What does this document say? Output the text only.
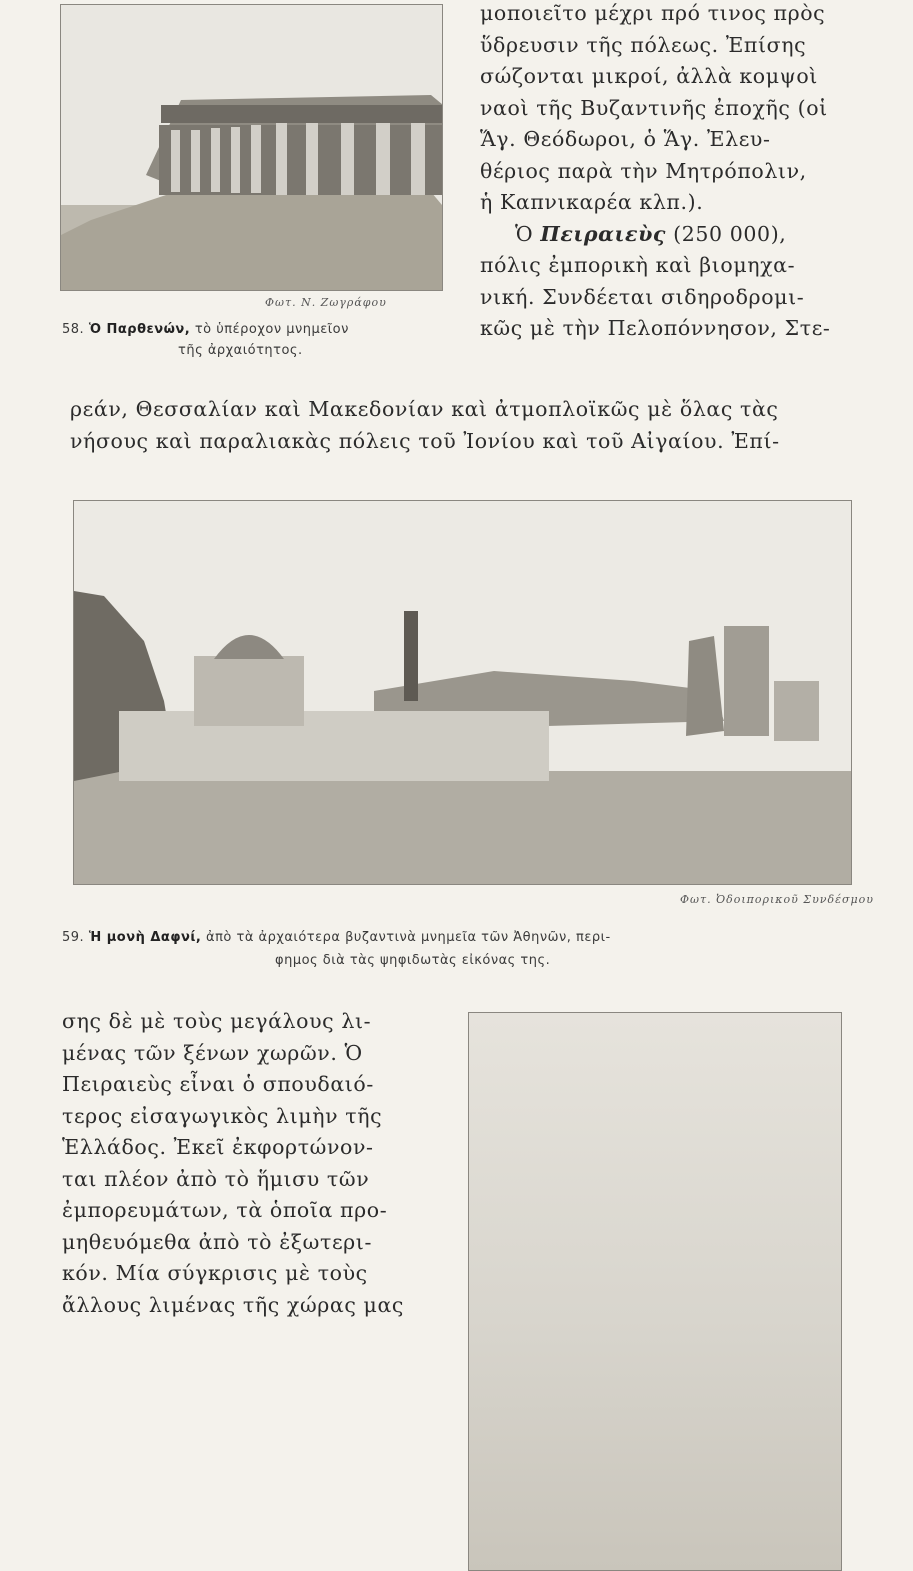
Φωτ. Ν. Ζωγράφου
58. Ὁ Παρθενών, τὸ ὑπέροχον μνημεῖον
τῆς ἀρχαιότητος.
μοποιεῖτο μέχρι πρό τινος πρὸς
ὕδρευσιν τῆς πόλεως. Ἐπίσης
σώζονται μικροί, ἀλλὰ κομψοὶ
ναοὶ τῆς Βυζαντινῆς ἐποχῆς (οἱ
Ἅγ. Θεόδωροι, ὁ Ἅγ. Ἐλευ-
θέριος παρὰ τὴν Μητρόπολιν,
ἡ Καπνικαρέα κλπ.).
Ὁ Πειραιεὺς (250 000),
πόλις ἐμπορικὴ καὶ βιομηχα-
νική. Συνδέεται σιδηροδρομι-
κῶς μὲ τὴν Πελοπόννησον, Στε-
ρεάν, Θεσσαλίαν καὶ Μακεδονίαν καὶ ἀτμοπλοϊκῶς μὲ ὅλας τὰς
νήσους καὶ παραλιακὰς πόλεις τοῦ Ἰονίου καὶ τοῦ Αἰγαίου. Ἐπί-
Φωτ. Ὀδοιπορικοῦ Συνδέσμου
59. Ἡ μονὴ Δαφνί, ἀπὸ τὰ ἀρχαιότερα βυζαντινὰ μνημεῖα τῶν Ἀθηνῶν, περι-
φημος διὰ τὰς ψηφιδωτὰς εἰκόνας της.
σης δὲ μὲ τοὺς μεγάλους λι-
μένας τῶν ξένων χωρῶν. Ὁ
Πειραιεὺς εἶναι ὁ σπουδαιό-
τερος εἰσαγωγικὸς λιμὴν τῆς
Ἑλλάδος. Ἐκεῖ ἐκφορτώνον-
ται πλέον ἀπὸ τὸ ἥμισυ τῶν
ἐμπορευμάτων, τὰ ὁποῖα προ-
μηθευόμεθα ἀπὸ τὸ ἐξωτερι-
κόν. Μία σύγκρισις μὲ τοὺς
ἄλλους λιμένας τῆς χώρας μας
